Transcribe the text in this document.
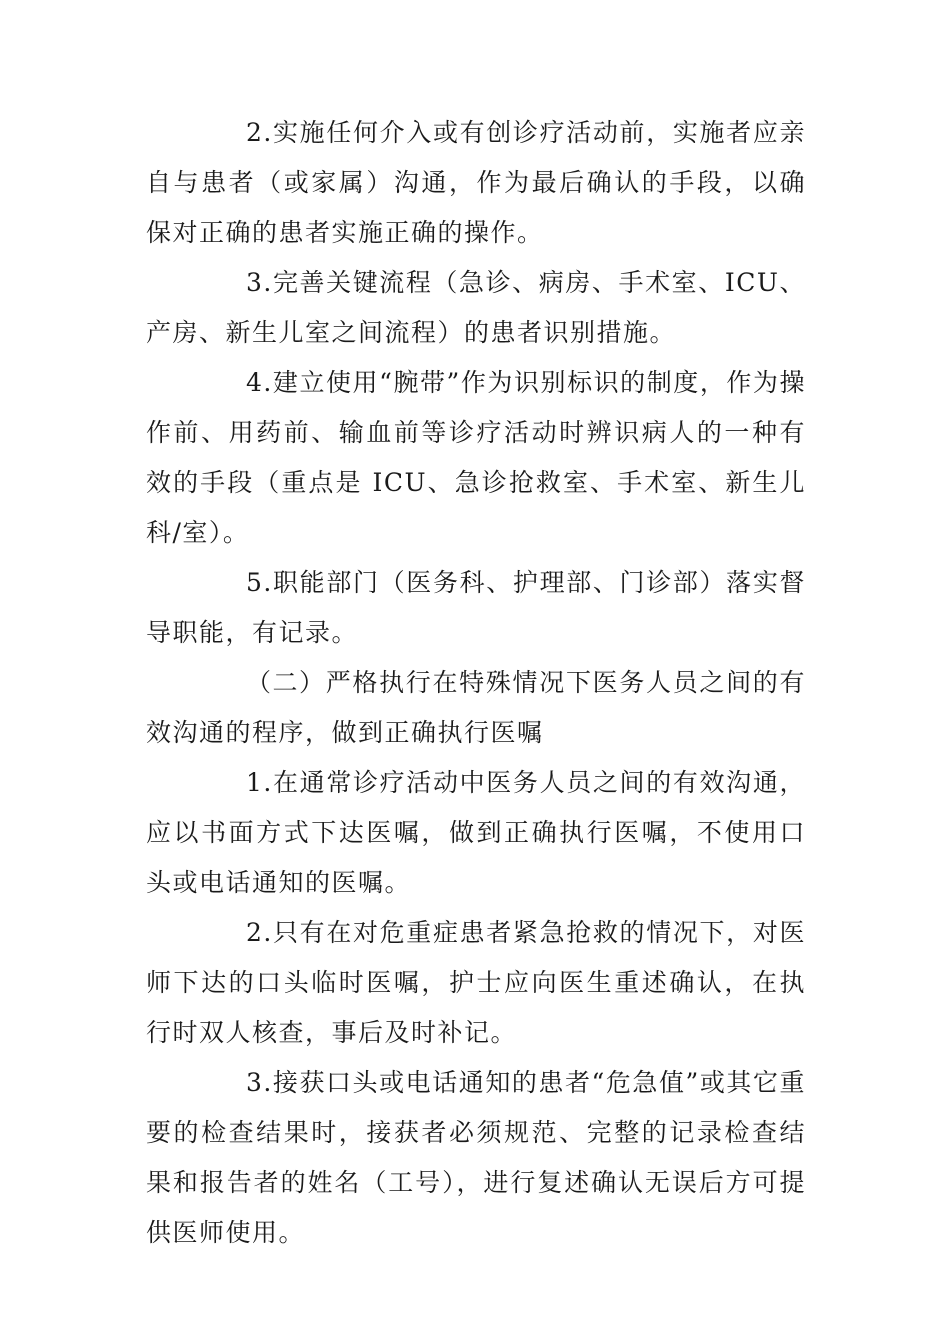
2.实施任何介入或有创诊疗活动前，实施者应亲自与患者（或家属）沟通，作为最后确认的手段，以确保对正确的患者实施正确的操作。

3.完善关键流程（急诊、病房、手术室、ICU、产房、新生儿室之间流程）的患者识别措施。

4.建立使用“腕带”作为识别标识的制度，作为操作前、用药前、输血前等诊疗活动时辨识病人的一种有效的手段（重点是 ICU、急诊抢救室、手术室、新生儿科/室）。

5.职能部门（医务科、护理部、门诊部）落实督导职能，有记录。

（二）严格执行在特殊情况下医务人员之间的有效沟通的程序，做到正确执行医嘱

1.在通常诊疗活动中医务人员之间的有效沟通，应以书面方式下达医嘱，做到正确执行医嘱，不使用口头或电话通知的医嘱。

2.只有在对危重症患者紧急抢救的情况下，对医师下达的口头临时医嘱，护士应向医生重述确认，在执行时双人核查，事后及时补记。

3.接获口头或电话通知的患者“危急值”或其它重要的检查结果时，接获者必须规范、完整的记录检查结果和报告者的姓名（工号），进行复述确认无误后方可提供医师使用。
